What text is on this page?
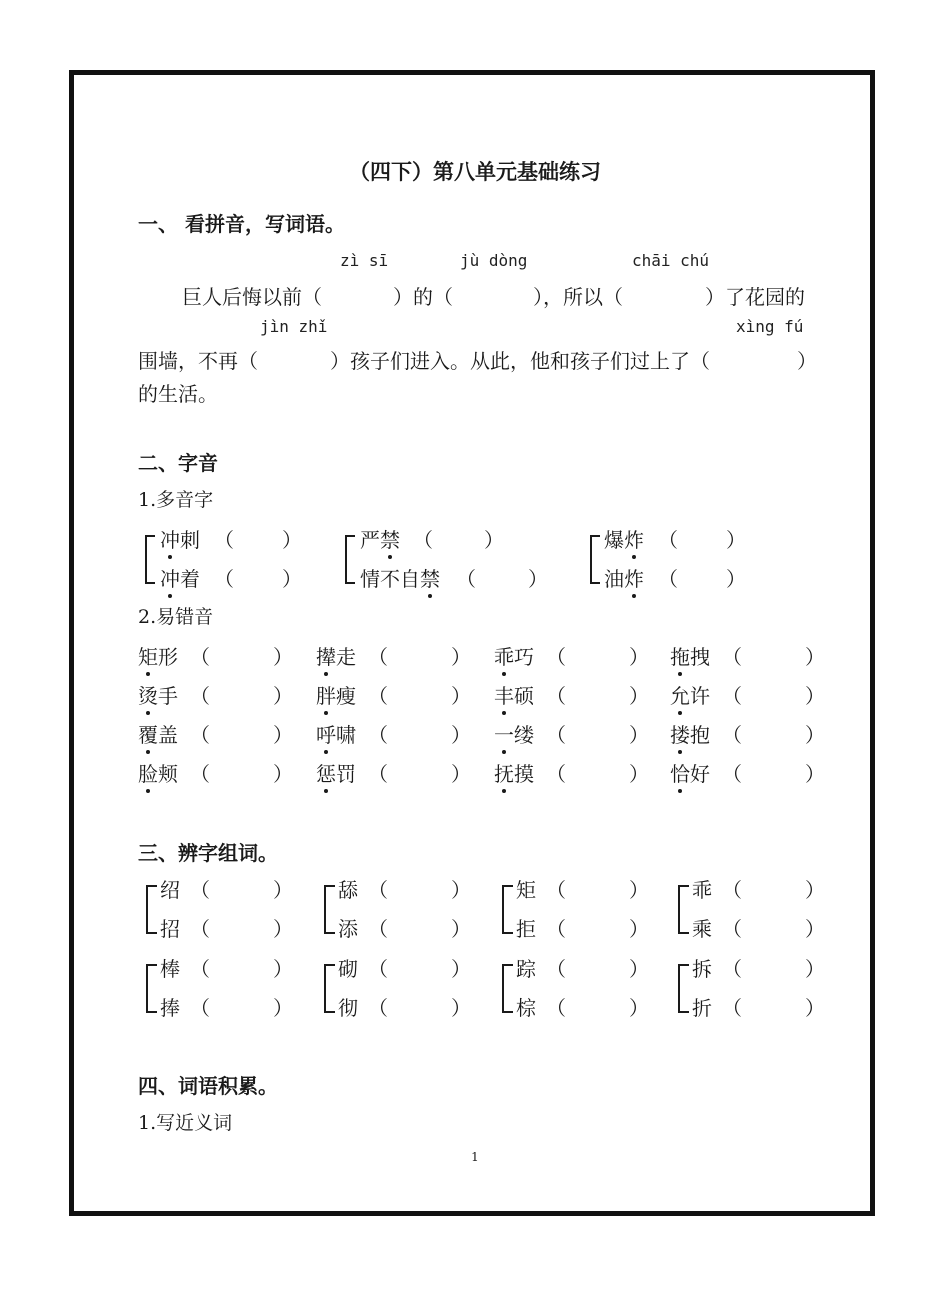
（四下）第八单元基础练习
一、 看拼音，写词语。
zì sī	jù dòng	chāi chú
巨人后悔以前（	）的（	），所以（	）了花园的
jìn zhǐ	xìng fú
围墙，不再（	）孩子们进入。从此，他和孩子们过上了（	）
的生活。
二、字音
1.多音字
冲刺 （ ）
冲着 （ ）
严禁 （	）
情不自禁 （	）
爆炸 （ ）
油炸 （ ）
2.易错音
矩形 （	） 撵走 （	） 乖巧 （	） 拖拽 （	）
烫手 （	） 胖瘦 （	） 丰硕 （	） 允许 （	）
覆盖 （	） 呼啸 （	） 一缕 （	） 搂抱 （	）
脸颊 （	） 惩罚 （	） 抚摸 （	） 恰好 （	）
三、辨字组词。
绍 （	）
招 （	）
舔 （	）
添 （	）
矩 （	）
拒 （	）
乖 （	）
乘 （	）
棒 （	）
捧 （	）
砌 （	）
彻 （	）
踪 （	）
棕 （	）
拆 （	）
折 （	）
四、词语积累。
1.写近义词
1
